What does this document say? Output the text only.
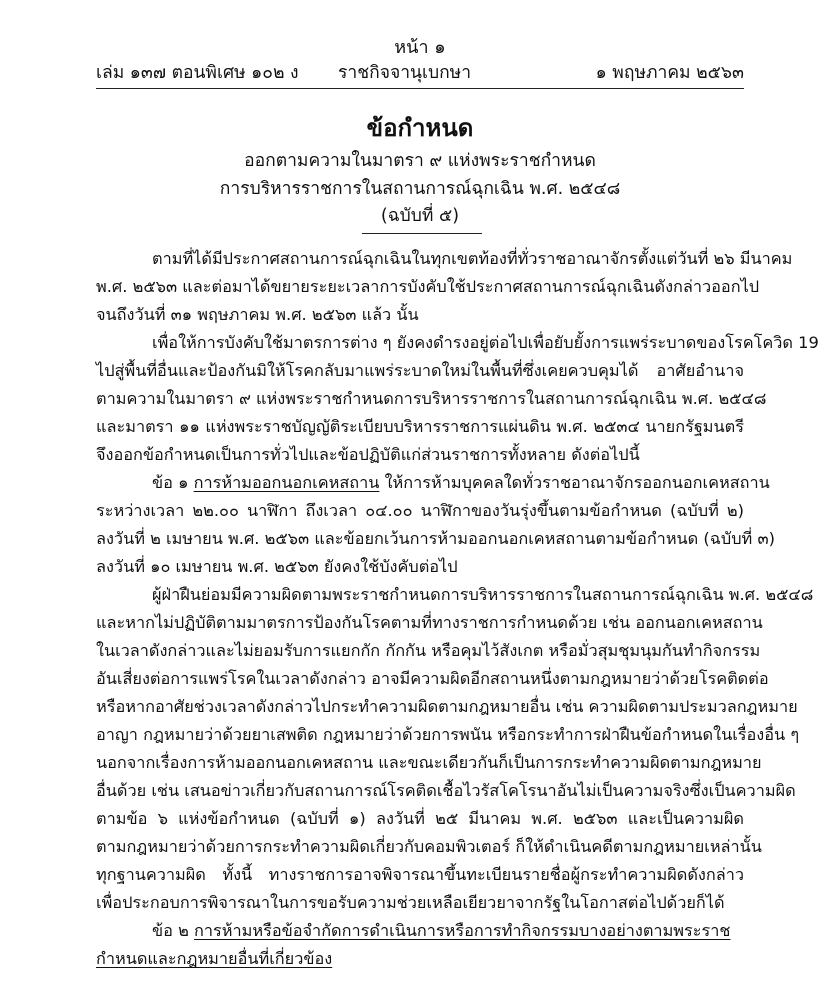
หน้า ๑
เล่ม ๑๓๗ ตอนพิเศษ ๑๐๒ ง ราชกิจจานุเบกษา	๑ พฤษภาคม ๒๕๖๓
ข้อกำหนด
ออกตามความในมาตรา ๙ แห่งพระราชกำหนด
การบริหารราชการในสถานการณ์ฉุกเฉิน พ.ศ. ๒๕๔๘
(ฉบับที่ ๕)
ตามที่ได้มีประกาศสถานการณ์ฉุกเฉินในทุกเขตท้องที่ทั่วราชอาณาจักรตั้งแต่วันที่ ๒๖ มีนาคม
พ.ศ. ๒๕๖๓ และต่อมาได้ขยายระยะเวลาการบังคับใช้ประกาศสถานการณ์ฉุกเฉินดังกล่าวออกไป
จนถึงวันที่ ๓๑ พฤษภาคม พ.ศ. ๒๕๖๓ แล้ว นั้น
เพื่อให้การบังคับใช้มาตรการต่าง ๆ ยังคงดำรงอยู่ต่อไปเพื่อยับยั้งการแพร่ระบาดของโรคโควิด 19
ไปสู่พื้นที่อื่นและป้องกันมิให้โรคกลับมาแพร่ระบาดใหม่ในพื้นที่ซึ่งเคยควบคุมได้ อาศัยอำนาจ
ตามความในมาตรา ๙ แห่งพระราชกำหนดการบริหารราชการในสถานการณ์ฉุกเฉิน พ.ศ. ๒๕๔๘
และมาตรา ๑๑ แห่งพระราชบัญญัติระเบียบบริหารราชการแผ่นดิน พ.ศ. ๒๕๓๔ นายกรัฐมนตรี
จึงออกข้อกำหนดเป็นการทั่วไปและข้อปฏิบัติแก่ส่วนราชการทั้งหลาย ดังต่อไปนี้
ข้อ ๑ การห้ามออกนอกเคหสถาน ให้การห้ามบุคคลใดทั่วราชอาณาจักรออกนอกเคหสถาน
ระหว่างเวลา ๒๒.๐๐ นาฬิกา ถึงเวลา ๐๔.๐๐ นาฬิกาของวันรุ่งขึ้นตามข้อกำหนด (ฉบับที่ ๒)
ลงวันที่ ๒ เมษายน พ.ศ. ๒๕๖๓ และข้อยกเว้นการห้ามออกนอกเคหสถานตามข้อกำหนด (ฉบับที่ ๓)
ลงวันที่ ๑๐ เมษายน พ.ศ. ๒๕๖๓ ยังคงใช้บังคับต่อไป
ผู้ฝ่าฝืนย่อมมีความผิดตามพระราชกำหนดการบริหารราชการในสถานการณ์ฉุกเฉิน พ.ศ. ๒๕๔๘
และหากไม่ปฏิบัติตามมาตรการป้องกันโรคตามที่ทางราชการกำหนดด้วย เช่น ออกนอกเคหสถาน
ในเวลาดังกล่าวและไม่ยอมรับการแยกกัก กักกัน หรือคุมไว้สังเกต หรือมั่วสุมชุมนุมกันทำกิจกรรม
อันเสี่ยงต่อการแพร่โรคในเวลาดังกล่าว อาจมีความผิดอีกสถานหนึ่งตามกฎหมายว่าด้วยโรคติดต่อ
หรือหากอาศัยช่วงเวลาดังกล่าวไปกระทำความผิดตามกฎหมายอื่น เช่น ความผิดตามประมวลกฎหมาย
อาญา กฎหมายว่าด้วยยาเสพติด กฎหมายว่าด้วยการพนัน หรือกระทำการฝ่าฝืนข้อกำหนดในเรื่องอื่น ๆ
นอกจากเรื่องการห้ามออกนอกเคหสถาน และขณะเดียวกันก็เป็นการกระทำความผิดตามกฎหมาย
อื่นด้วย เช่น เสนอข่าวเกี่ยวกับสถานการณ์โรคติดเชื้อไวรัสโคโรนาอันไม่เป็นความจริงซึ่งเป็นความผิด
ตามข้อ ๖ แห่งข้อกำหนด (ฉบับที่ ๑) ลงวันที่ ๒๕ มีนาคม พ.ศ. ๒๕๖๓ และเป็นความผิด
ตามกฎหมายว่าด้วยการกระทำความผิดเกี่ยวกับคอมพิวเตอร์ ก็ให้ดำเนินคดีตามกฎหมายเหล่านั้น
ทุกฐานความผิด ทั้งนี้ ทางราชการอาจพิจารณาขึ้นทะเบียนรายชื่อผู้กระทำความผิดดังกล่าว
เพื่อประกอบการพิจารณาในการขอรับความช่วยเหลือเยียวยาจากรัฐในโอกาสต่อไปด้วยก็ได้
ข้อ ๒ การห้ามหรือข้อจำกัดการดำเนินการหรือการทำกิจกรรมบางอย่างตามพระราช
กำหนดและกฎหมายอื่นที่เกี่ยวข้อง
